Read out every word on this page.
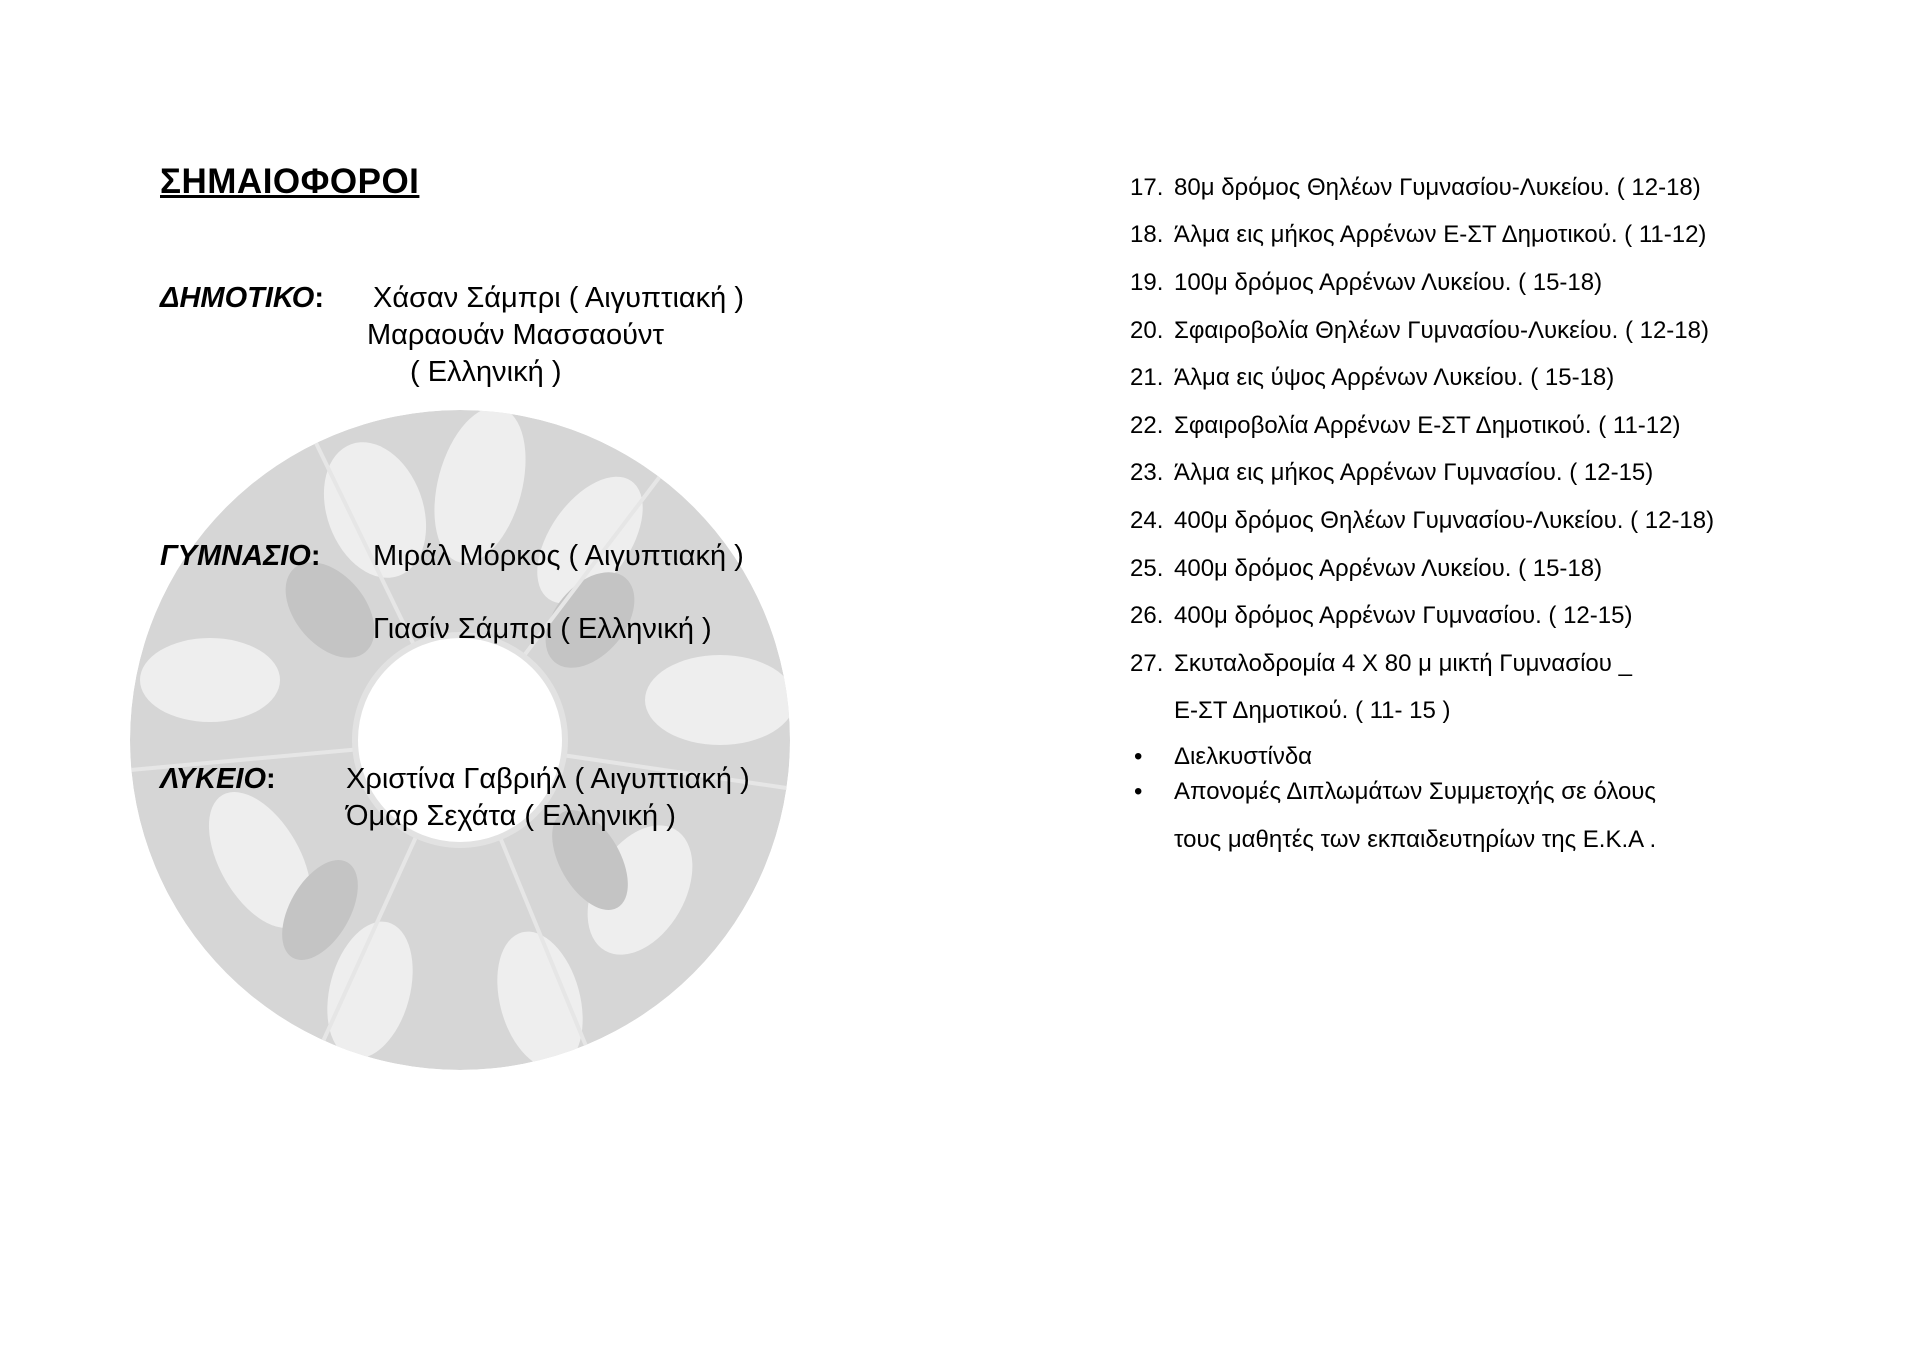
ΣΗΜΑΙΟΦΟΡΟΙ

ΔΗΜΟΤΙΚΟ: Χάσαν Σάμπρι ( Αιγυπτιακή )

Μαραουάν Μασσαούντ

( Ελληνική )

ΓΥΜΝΑΣΙΟ: Μιράλ Μόρκος ( Αιγυπτιακή )

Γιασίν Σάμπρι ( Ελληνική )

ΛΥΚΕΙΟ: Χριστίνα Γαβριήλ ( Αιγυπτιακή )

Όμαρ Σεχάτα ( Ελληνική )

17. 80μ δρόμος Θηλέων Γυμνασίου-Λυκείου. ( 12-18)
18. Άλμα εις μήκος Αρρένων Ε-ΣΤ Δημοτικού. ( 11-12)
19. 100μ δρόμος Αρρένων Λυκείου. ( 15-18)
20. Σφαιροβολία Θηλέων Γυμνασίου-Λυκείου. ( 12-18)
21. Άλμα εις ύψος Αρρένων Λυκείου. ( 15-18)
22. Σφαιροβολία Αρρένων Ε-ΣΤ Δημοτικού. ( 11-12)
23. Άλμα εις μήκος Αρρένων Γυμνασίου. ( 12-15)
24. 400μ δρόμος Θηλέων Γυμνασίου-Λυκείου. ( 12-18)
25. 400μ δρόμος Αρρένων Λυκείου. ( 15-18)
26. 400μ δρόμος Αρρένων Γυμνασίου. ( 12-15)
27. Σκυταλοδρομία 4 Χ 80 μ μικτή Γυμνασίου _
Ε-ΣΤ Δημοτικού. ( 11- 15 )
•	Διελκυστίνδα
•	Απονομές Διπλωμάτων Συμμετοχής σε όλους
τους μαθητές των εκπαιδευτηρίων της Ε.Κ.Α .
